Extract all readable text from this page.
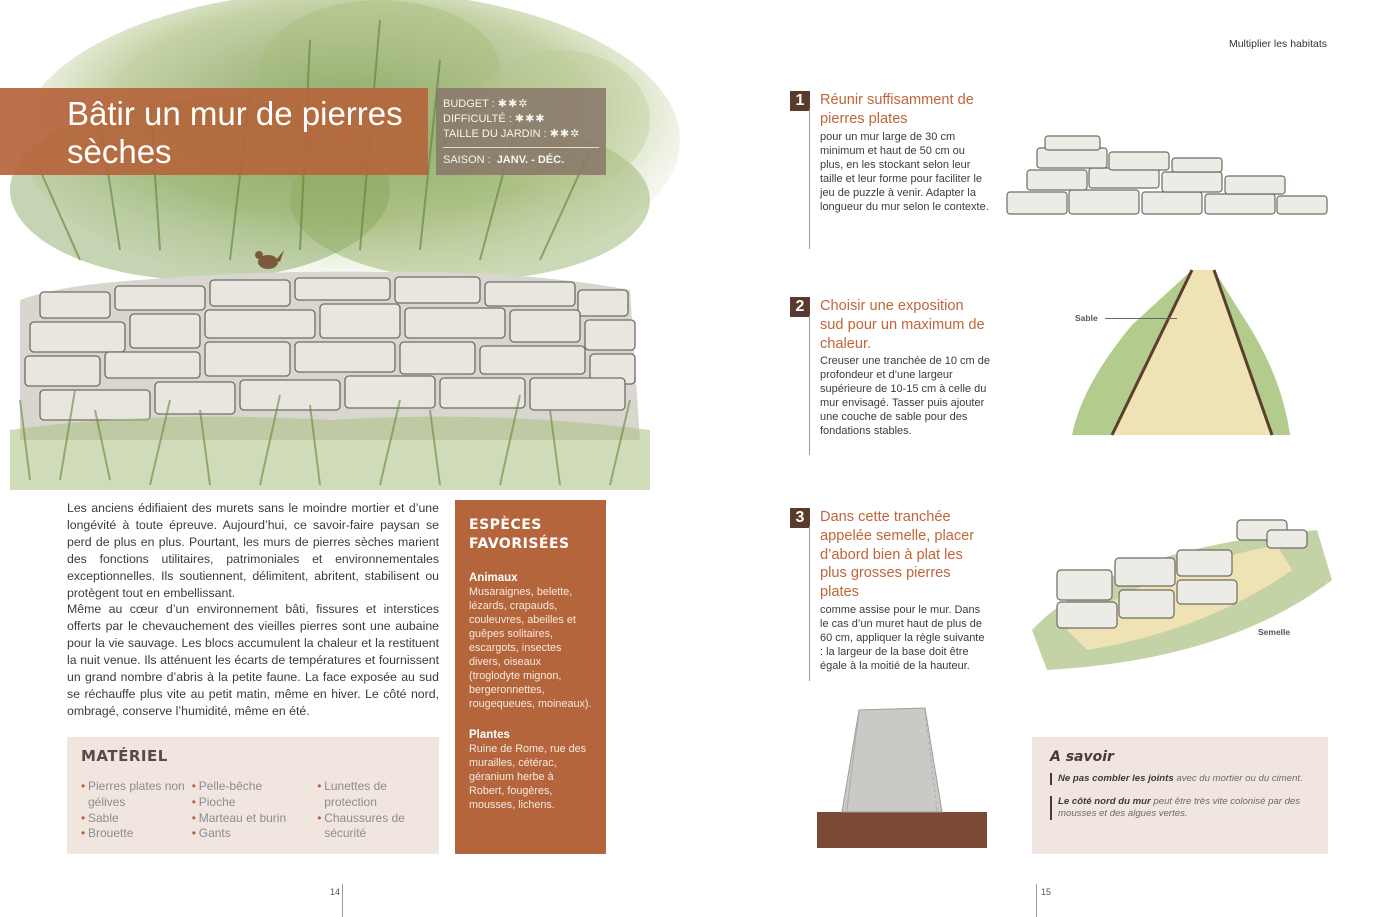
Bâtir un mur de pierres sèches
BUDGET : ✱✱✲
DIFFICULTÉ : ✱✱✱
TAILLE DU JARDIN : ✱✱✲
SAISON : JANV. - DÉC.

Les anciens édifiaient des murets sans le moindre mortier et d’une longévité à toute épreuve. Aujourd’hui, ce savoir-faire paysan se perd de plus en plus. Pourtant, les murs de pierres sèches marient des fonctions utilitaires, patrimoniales et environnementales exceptionnelles. Ils soutiennent, délimitent, abritent, stabilisent ou protègent tout en embellissant.

Même au cœur d’un environnement bâti, fissures et interstices offerts par le chevauchement des vieilles pierres sont une aubaine pour la vie sauvage. Les blocs accumulent la chaleur et la restituent la nuit venue. Ils atténuent les écarts de températures et fournissent un grand nombre d’abris à la petite faune. La face exposée au sud se réchauffe plus vite au petit matin, même en hiver. Le côté nord, ombragé, conserve l’humidité, même en été.

MATÉRIEL
• Pierres plates non gélives
• Sable
• Brouette
• Pelle-bêche
• Pioche
• Marteau et burin
• Gants
• Lunettes de protection
• Chaussures de sécurité
ESPÈCES FAVORISÉES
Animaux

Musaraignes, belette, lézards, crapauds, couleuvres, abeilles et guêpes solitaires, escargots, insectes divers, oiseaux (troglodyte mignon, bergeronnettes, rougequeues, moineaux).

Plantes

Ruine de Rome, rue des murailles, cétérac, géranium herbe à Robert, fougères, mousses, lichens.

14
Multiplier les habitats
1	Réunir suffisamment de pierres plates
pour un mur large de 30 cm minimum et haut de 50 cm ou plus, en les stockant selon leur taille et leur forme pour faciliter le jeu de puzzle à venir. Adapter la longueur du mur selon le contexte.
2	Choisir une exposition sud pour un maximum de chaleur.
Creuser une tranchée de 10 cm de profondeur et d’une largeur supérieure de 10-15 cm à celle du mur envisagé. Tasser puis ajouter une couche de sable pour des fondations stables.
Sable
3	Dans cette tranchée appelée semelle, placer d’abord bien à plat les plus grosses pierres plates
comme assise pour le mur. Dans le cas d’un muret haut de plus de 60 cm, appliquer la règle suivante : la largeur de la base doit être égale à la moitié de la hauteur.
Semelle
A savoir

Ne pas combler les joints avec du mortier ou du ciment.

Le côté nord du mur peut être très vite colonisé par des mousses et des algues vertes.

15
